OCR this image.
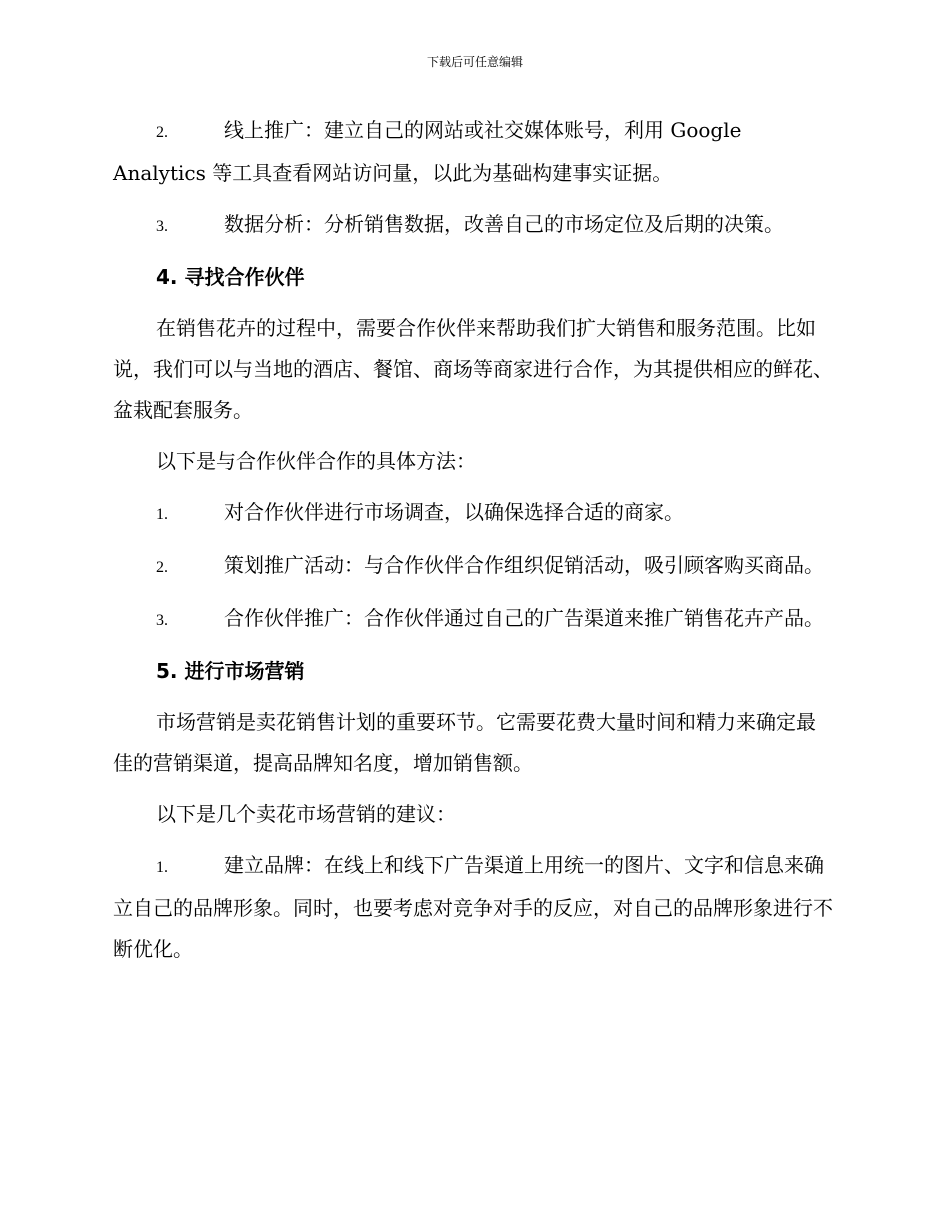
下载后可任意编辑

2.	线上推广：建立自己的网站或社交媒体账号，利用 Google Analytics 等工具查看网站访问量，以此为基础构建事实证据。

3.	数据分析：分析销售数据，改善自己的市场定位及后期的决策。

4. 寻找合作伙伴

在销售花卉的过程中，需要合作伙伴来帮助我们扩大销售和服务范围。比如说，我们可以与当地的酒店、餐馆、商场等商家进行合作，为其提供相应的鲜花、盆栽配套服务。

以下是与合作伙伴合作的具体方法：

1.	对合作伙伴进行市场调查，以确保选择合适的商家。

2.	策划推广活动：与合作伙伴合作组织促销活动，吸引顾客购买商品。

3.	合作伙伴推广：合作伙伴通过自己的广告渠道来推广销售花卉产品。

5. 进行市场营销

市场营销是卖花销售计划的重要环节。它需要花费大量时间和精力来确定最佳的营销渠道，提高品牌知名度，增加销售额。

以下是几个卖花市场营销的建议：

1.	建立品牌：在线上和线下广告渠道上用统一的图片、文字和信息来确立自己的品牌形象。同时，也要考虑对竞争对手的反应，对自己的品牌形象进行不断优化。
